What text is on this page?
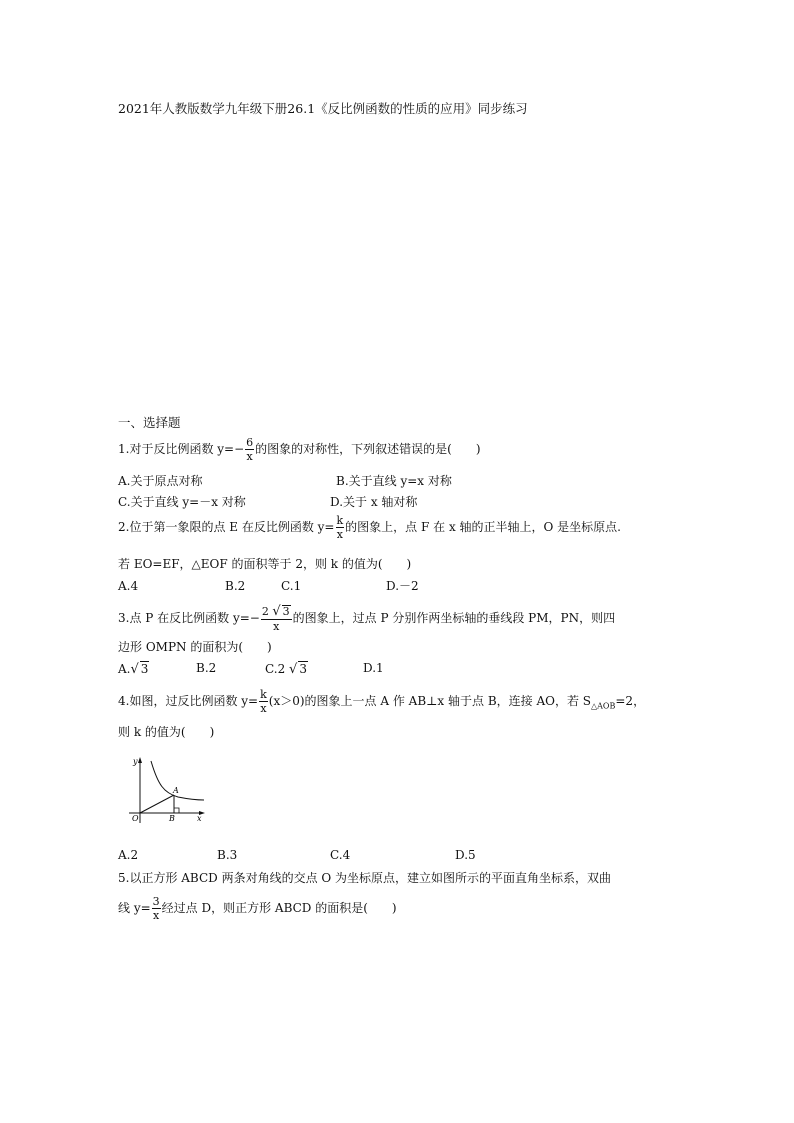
2021年人教版数学九年级下册26.1《反比例函数的性质的应用》同步练习
一、选择题
1.对于反比例函数 $y=- \frac{6}{x}$ 的图象的对称性，下列叙述错误的是(　　)
A.关于原点对称	B.关于直线 y=x 对称
C.关于直线 y=－x 对称	D.关于 x 轴对称
2.位于第一象限的点 E 在反比例函数 $y= \frac{k}{x}$ 的图象上，点 F 在 x 轴的正半轴上，O 是坐标原点.
若 EO=EF，△EOF 的面积等于 2，则 k 的值为(　　)
A.4	B.2	C.1	D.－2
3.点 P 在反比例函数 $y=- \frac{2 √ 3}{x}$ 的图象上，过点 P 分别作两坐标轴的垂线段 PM，PN，则四
边形 OMPN 的面积为(　　)
A.√ 3	B.2	C.2 √ 3	D.1
4.如图，过反比例函数 $y= \frac{k}{x} (x>0)$的图象上一点 A 作 AB⊥x 轴于点 B，连接 AO，若 $S_{\triangle AOB}=2$，
则 k 的值为(　　)
y
O
A
B	x
A.2	B.3	C.4	D.5
5.以正方形 ABCD 两条对角线的交点 O 为坐标原点，建立如图所示的平面直角坐标系，双曲
线 $y= \frac{3}{x}$ 经过点 D，则正方形 ABCD 的面积是(　　)
